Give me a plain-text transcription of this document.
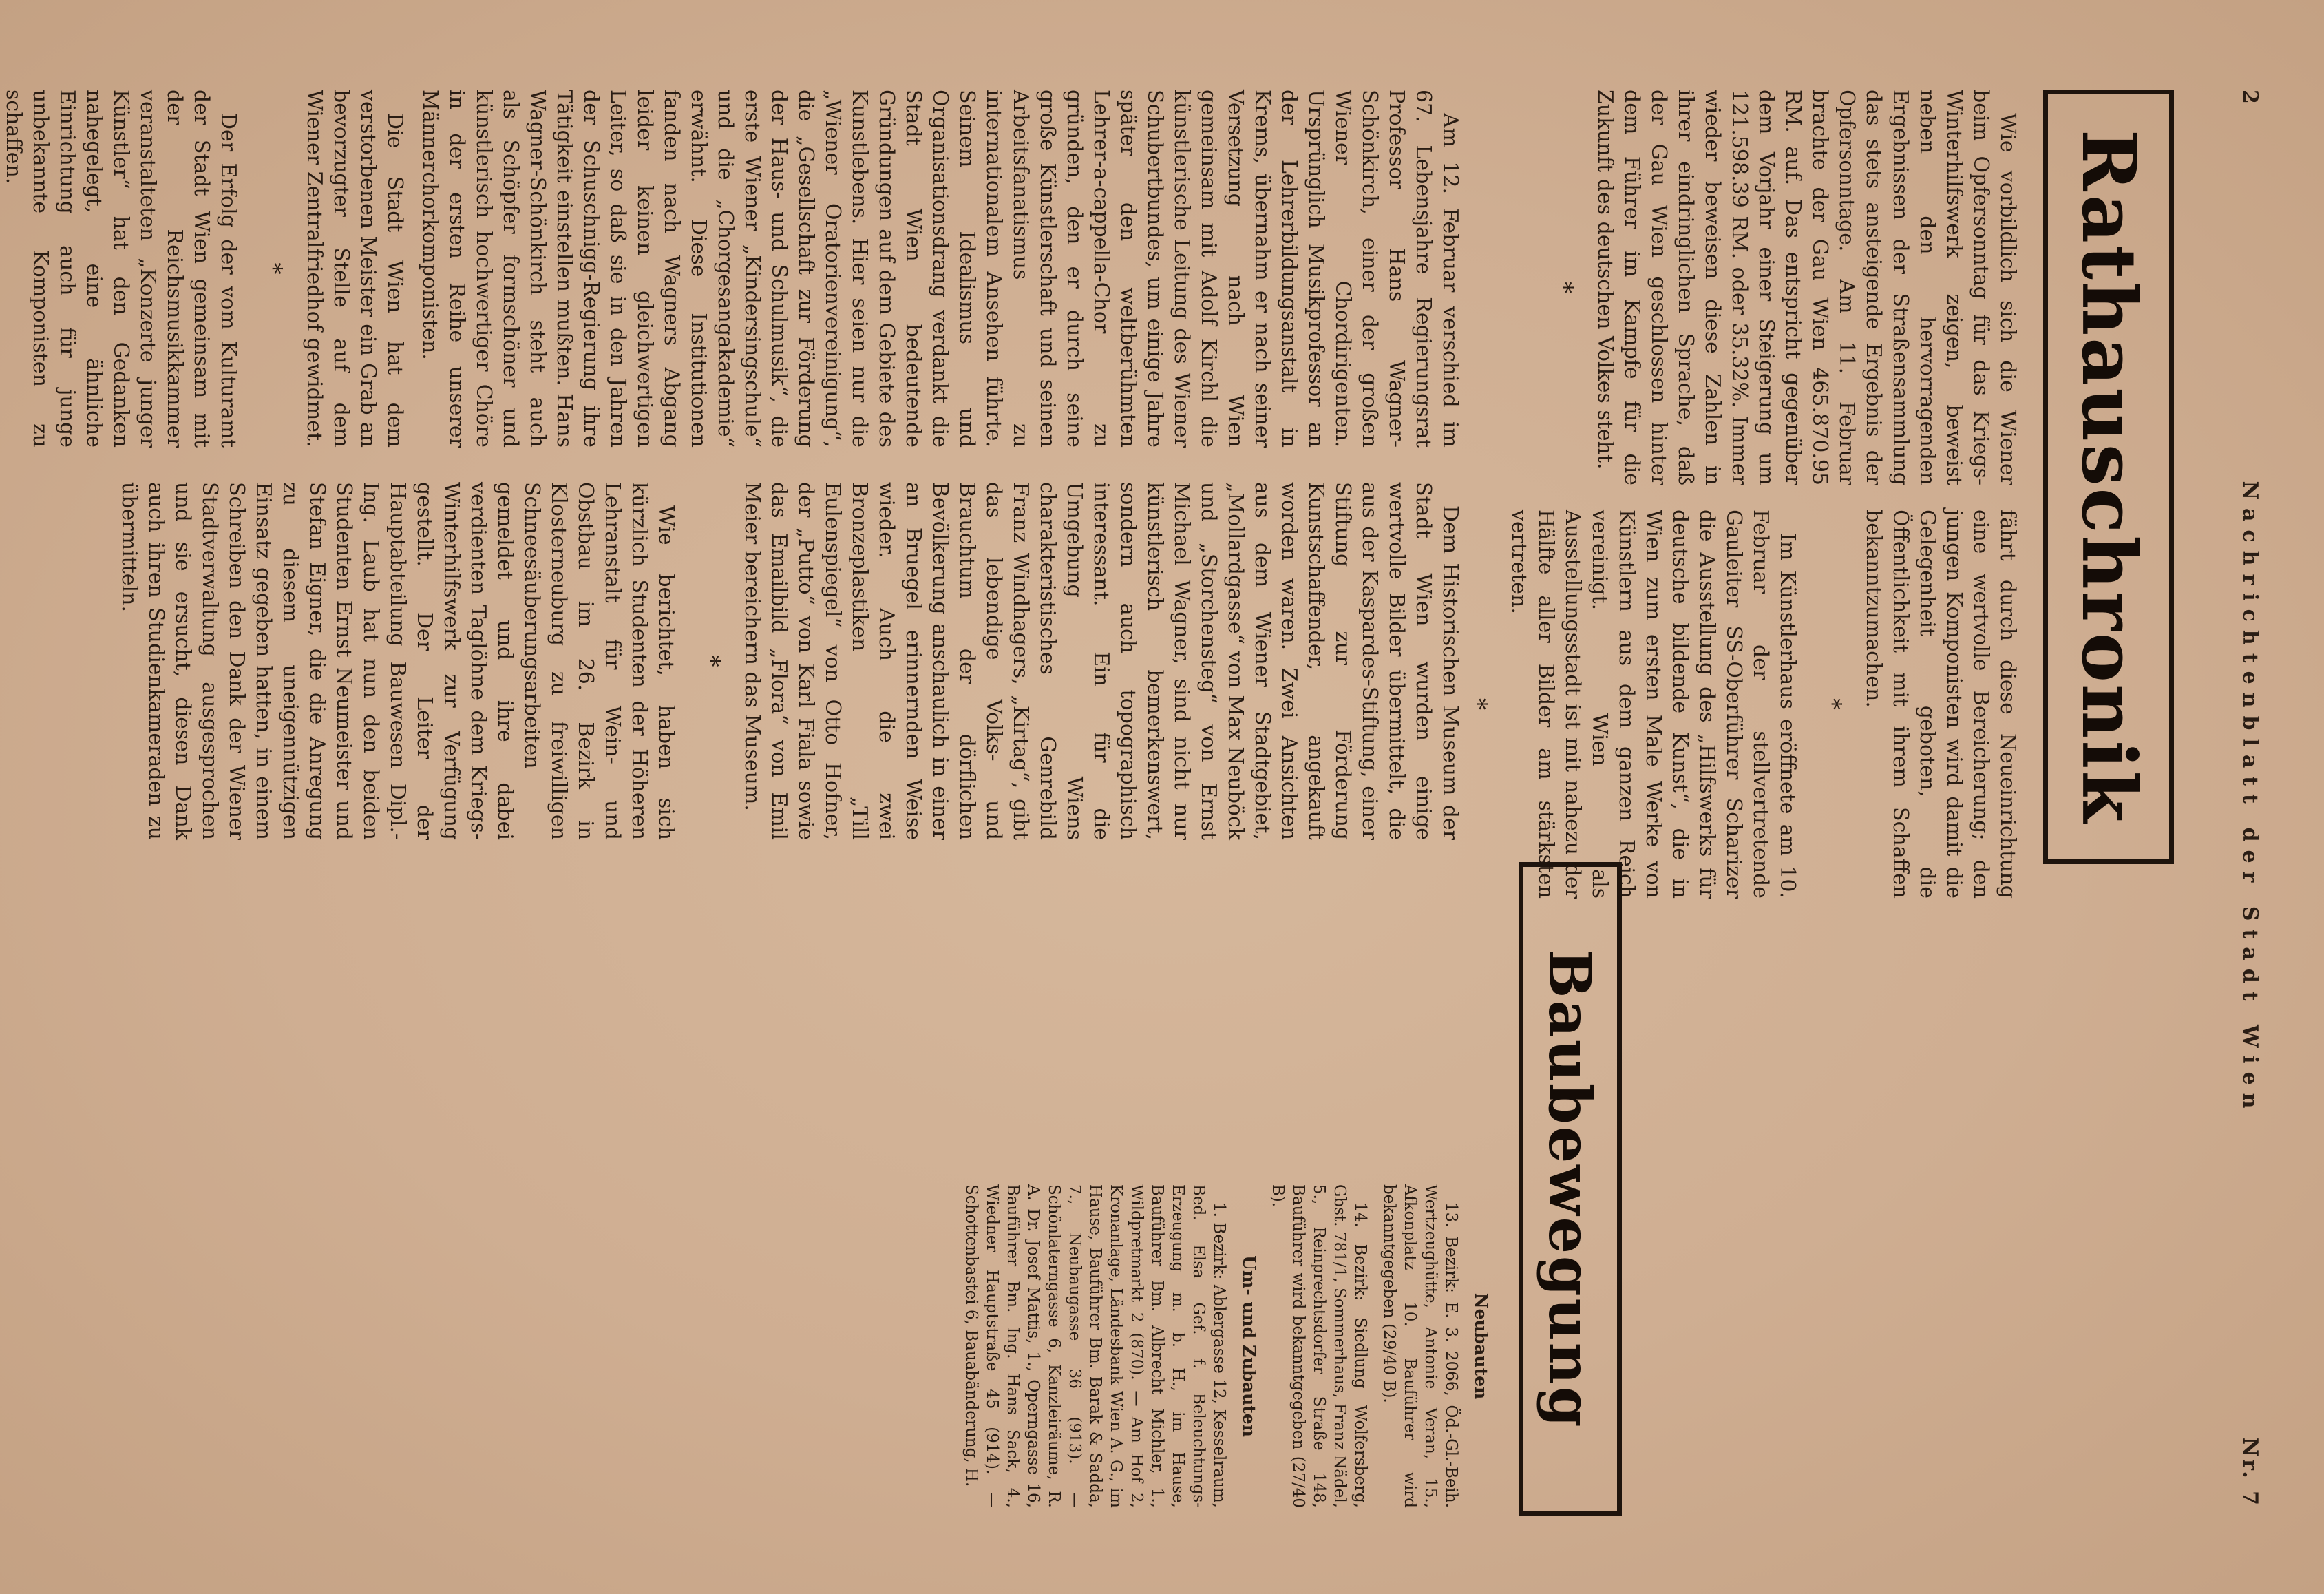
2
Nachrichtenblatt der Stadt Wien
Nr. 7
Rathauschronik

Wie vorbildlich sich die Wiener beim Opfersonntag für das Kriegs-Winterhilfswerk zeigen, beweist neben den hervorragenden Ergebnissen der Straßensammlung das stets ansteigende Ergebnis der Opfersonntage. Am 11. Februar brachte der Gau Wien 465.870.95 RM. auf. Das entspricht gegenüber dem Vorjahr einer Steigerung um 121.598.39 RM. oder 35.32%. Immer wieder beweisen diese Zahlen in ihrer eindringlichen Sprache, daß der Gau Wien geschlossen hinter dem Führer im Kampfe für die Zukunft des deutschen Volkes steht.

*

fährt durch diese Neueinrichtung eine wertvolle Bereicherung; den jungen Komponisten wird damit die Gelegenheit geboten, die Öffentlichkeit mit ihrem Schaffen bekanntzumachen.

*

Im Künstlerhaus eröffnete am 10. Februar der stellvertretende Gauleiter SS-Oberführer Scharizer die Ausstellung des „Hilfswerks für deutsche bildende Kunst“, die in Wien zum ersten Male Werke von Künstlern aus dem ganzen Reich vereinigt. Wien als Ausstellungsstadt ist mit nahezu der Hälfte aller Bilder am stärksten vertreten.

*

Am 12. Februar verschied im 67. Lebensjahre Regierungsrat Professor Hans Wagner-Schönkirch, einer der großen Wiener Chordirigenten. Ursprünglich Musikprofessor an der Lehrerbildungsanstalt in Krems, übernahm er nach seiner Versetzung nach Wien gemeinsam mit Adolf Kirchl die künstlerische Leitung des Wiener Schubertbundes, um einige Jahre später den weltberühmten Lehrer-a-cappella-Chor zu gründen, den er durch seine große Künstlerschaft und seinen Arbeitsfanatismus zu internationalem Ansehen führte. Seinem Idealismus und Organisationsdrang verdankt die Stadt Wien bedeutende Gründungen auf dem Gebiete des Kunstlebens. Hier seien nur die „Wiener Oratorienvereinigung“, die „Gesellschaft zur Förderung der Haus- und Schulmusik“, die erste Wiener „Kindersingschule“ und die „Chorgesangakademie“ erwähnt. Diese Institutionen fanden nach Wagners Abgang leider keinen gleichwertigen Leiter, so daß sie in den Jahren der Schuschnigg-Regierung ihre Tätigkeit einstellen mußten. Hans Wagner-Schönkirch steht auch als Schöpfer formschöner und künstlerisch hochwertiger Chöre in der ersten Reihe unserer Männerchorkomponisten.

Die Stadt Wien hat dem verstorbenen Meister ein Grab an bevorzugter Stelle auf dem Wiener Zentralfriedhof gewidmet.

*

Der Erfolg der vom Kulturamt der Stadt Wien gemeinsam mit der Reichsmusikkammer veranstalteten „Konzerte junger Künstler“ hat den Gedanken nahegelegt, eine ähnliche Einrichtung auch für junge unbekannte Komponisten zu schaffen.

Dem Historischen Museum der Stadt Wien wurden einige wertvolle Bilder übermittelt, die aus der Kaspardes-Stiftung, einer Stiftung zur Förderung Kunstschaffender, angekauft worden waren. Zwei Ansichten aus dem Wiener Stadtgebiet, „Mollardgasse“ von Max Neuböck und „Storchensteg“ von Ernst Michael Wagner, sind nicht nur künstlerisch bemerkenswert, sondern auch topographisch interessant. Ein für die Umgebung Wiens charakteristisches Genrebild Franz Windhagers, „Kirtag“, gibt das lebendige Volks- und Brauchtum der dörflichen Bevölkerung anschaulich in einer an Bruegel erinnernden Weise wieder. Auch die zwei Bronzeplastiken „Till Eulenspiegel“ von Otto Hofner, der „Putto“ von Karl Fiala sowie das Emailbild „Flora“ von Emil Meier bereichern das Museum.

*

Wie berichtet, haben sich kürzlich Studenten der Höheren Lehranstalt für Wein- und Obstbau im 26. Bezirk in Klosterneuburg zu freiwilligen Schneesäuberungsarbeiten gemeldet und ihre dabei verdienten Taglöhne dem Kriegs-Winterhilfswerk zur Verfügung gestellt. Der Leiter der Hauptabteilung Bauwesen Dipl.-Ing. Laub hat nun den beiden Studenten Ernst Neumeister und Stefan Eigner, die die Anregung zu diesem uneigennützigen Einsatz gegeben hatten, in einem Schreiben den Dank der Wiener Stadtverwaltung ausgesprochen und sie ersucht, diesen Dank auch ihren Studienkameraden zu übermitteln.

Baubewegung
Neubauten

13. Bezirk: E. 3. 2066, Öd.-Gl.-Beih. Wertzeughütte, Antonie Veran, 15., Afkonplatz 10. Bauführer wird bekanntgegeben (29/40 B).

14. Bezirk: Siedlung Wolfersberg, Gbst. 781/1, Sommerhaus, Franz Nädel, 5., Reinprechtsdorfer Straße 148, Bauführer wird bekanntgegeben (27/40 B).

Um- und Zubauten

1. Bezirk: Ablergasse 12, Kesselraum, Bed. Elsa Gef. f. Beleuchtungs-Erzeugung m. b. H., im Hause, Bauführer Bm. Albrecht Michler, 1., Wildpretmarkt 2 (870). — Am Hof 2, Kronanlage, Ländesbank Wien A. G., im Hause, Bauführer Bm. Barak & Sadda, 7., Neubaugasse 36 (913). — Schönlaterngasse 6, Kanzleiräume, R. A. Dr. Josef Mattis, 1., Operngasse 16, Bauführer Bm. Ing. Hans Sack, 4., Wiedner Hauptstraße 45 (914). — Schottenbastei 6, Bauabänderung, H.
